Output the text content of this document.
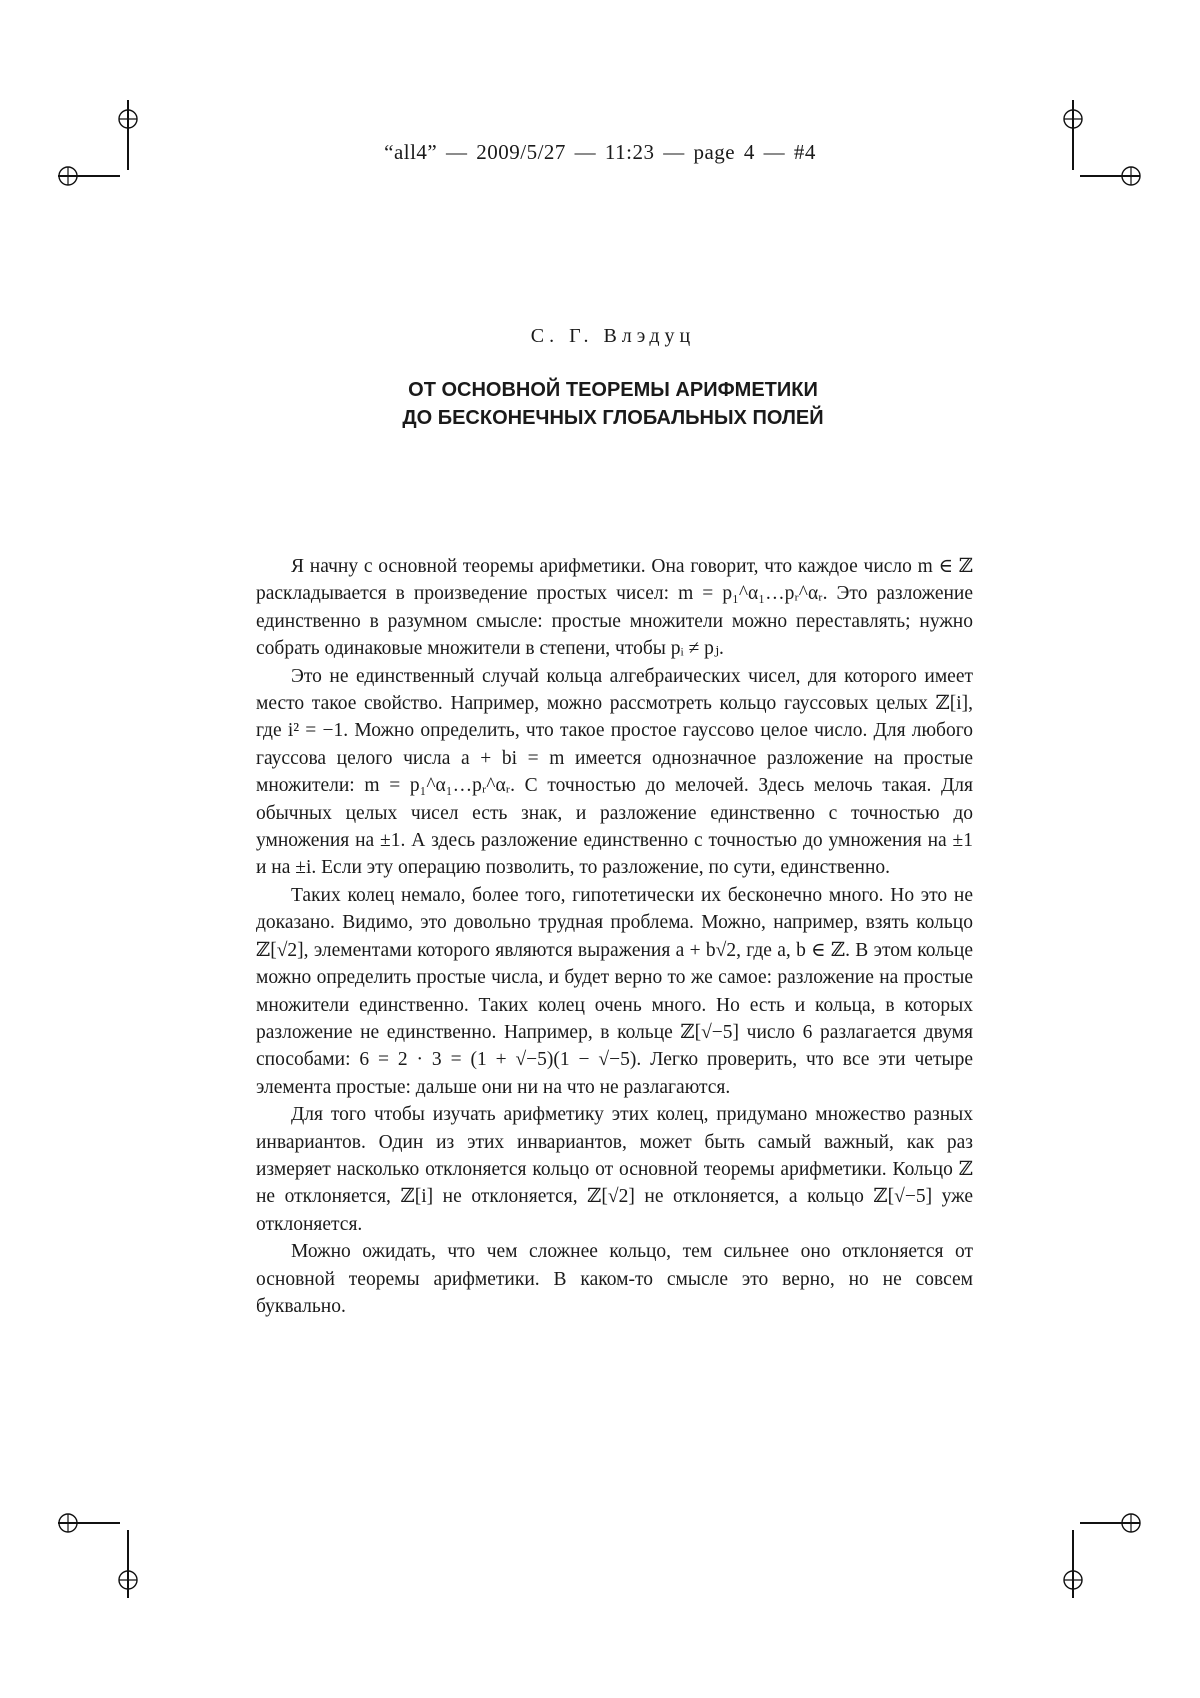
“all4” — 2009/5/27 — 11:23 — page 4 — #4
С. Г. Влэдуц
ОТ ОСНОВНОЙ ТЕОРЕМЫ АРИФМЕТИКИ
ДО БЕСКОНЕЧНЫХ ГЛОБАЛЬНЫХ ПОЛЕЙ

Я начну с основной теоремы арифметики. Она говорит, что каждое число m ∈ ℤ раскладывается в произведение простых чисел: m = p₁^α₁…pᵣ^αᵣ. Это разложение единственно в разумном смысле: простые множители можно переставлять; нужно собрать одинаковые множители в степени, чтобы pᵢ ≠ pⱼ.

Это не единственный случай кольца алгебраических чисел, для кото­рого имеет место такое свойство. Например, можно рассмотреть кольцо гауссовых целых ℤ[i], где i² = −1. Можно определить, что такое простое гауссово целое число. Для любого гауссова целого числа a + bi = m име­ется однозначное разложение на простые множители: m = p₁^α₁…pᵣ^αᵣ. С точностью до мелочей. Здесь мелочь такая. Для обычных целых чисел есть знак, и разложение единственно с точностью до умножения на ±1. А здесь разложение единственно с точностью до умножения на ±1 и на ±i. Если эту операцию позволить, то разложение, по сути, единственно.

Таких колец немало, более того, гипотетически их бесконечно много. Но это не доказано. Видимо, это довольно трудная проблема. Можно, например, взять кольцо ℤ[√2], элементами которого являются выражения a + b√2, где a, b ∈ ℤ. В этом кольце можно определить простые числа, и будет верно то же самое: разложение на простые множители единствен­но. Таких колец очень много. Но есть и кольца, в которых разложение не единственно. Например, в кольце ℤ[√−5] число 6 разлагается двумя способами: 6 = 2 · 3 = (1 + √−5)(1 − √−5). Легко проверить, что все эти четыре элемента простые: дальше они ни на что не разлагаются.

Для того чтобы изучать арифметику этих колец, придумано множество разных инвариантов. Один из этих инвариантов, может быть самый важ­ный, как раз измеряет насколько отклоняется кольцо от основной теоремы арифметики. Кольцо ℤ не отклоняется, ℤ[i] не отклоняется, ℤ[√2] не отклоняется, а кольцо ℤ[√−5] уже отклоняется.

Можно ожидать, что чем сложнее кольцо, тем сильнее оно отклоняется от основной теоремы арифметики. В каком-то смысле это верно, но не совсем буквально.
